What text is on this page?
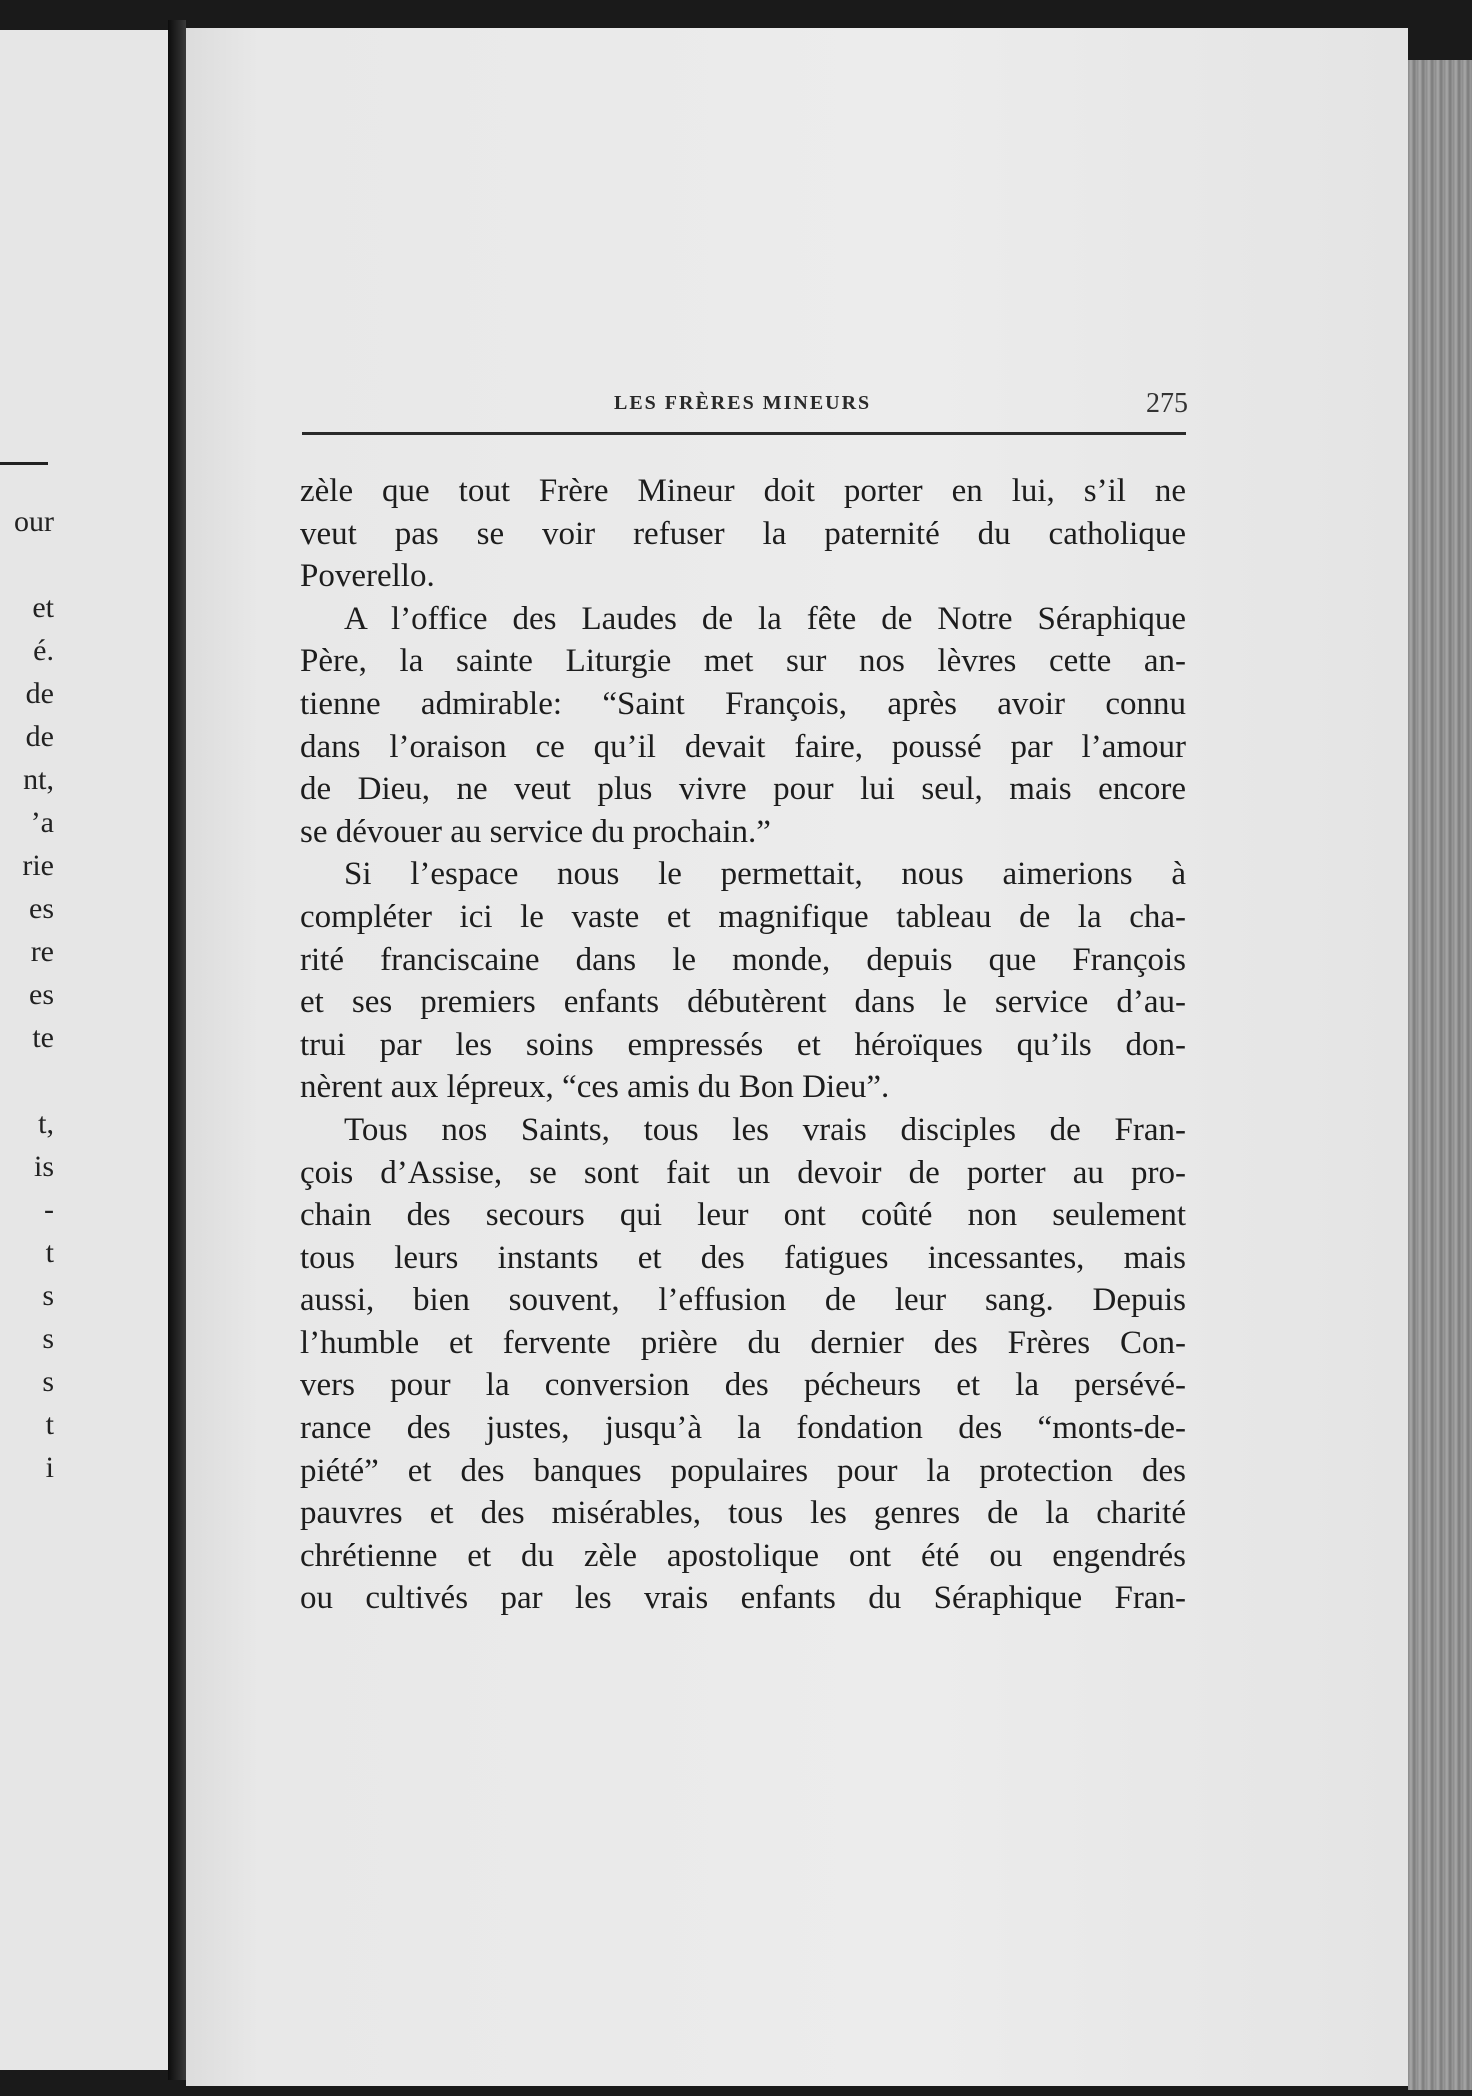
our

et
é.
de
de
nt,
’a
rie
es
re
es
te

t,
is
-
t
s
s
s
t
i
LES FRÈRES MINEURS	275
zèle que tout Frère Mineur doit porter en lui, s’il ne
veut pas se voir refuser la paternité du catholique
Poverello.
A l’office des Laudes de la fête de Notre Séraphique
Père, la sainte Liturgie met sur nos lèvres cette an-
tienne admirable: “Saint François, après avoir connu
dans l’oraison ce qu’il devait faire, poussé par l’amour
de Dieu, ne veut plus vivre pour lui seul, mais encore
se dévouer au service du prochain.”
Si l’espace nous le permettait, nous aimerions à
compléter ici le vaste et magnifique tableau de la cha-
rité franciscaine dans le monde, depuis que François
et ses premiers enfants débutèrent dans le service d’au-
trui par les soins empressés et héroïques qu’ils don-
nèrent aux lépreux, “ces amis du Bon Dieu”.
Tous nos Saints, tous les vrais disciples de Fran-
çois d’Assise, se sont fait un devoir de porter au pro-
chain des secours qui leur ont coûté non seulement
tous leurs instants et des fatigues incessantes, mais
aussi, bien souvent, l’effusion de leur sang. Depuis
l’humble et fervente prière du dernier des Frères Con-
vers pour la conversion des pécheurs et la persévé-
rance des justes, jusqu’à la fondation des “monts-de-
piété” et des banques populaires pour la protection des
pauvres et des misérables, tous les genres de la charité
chrétienne et du zèle apostolique ont été ou engendrés
ou cultivés par les vrais enfants du Séraphique Fran-
